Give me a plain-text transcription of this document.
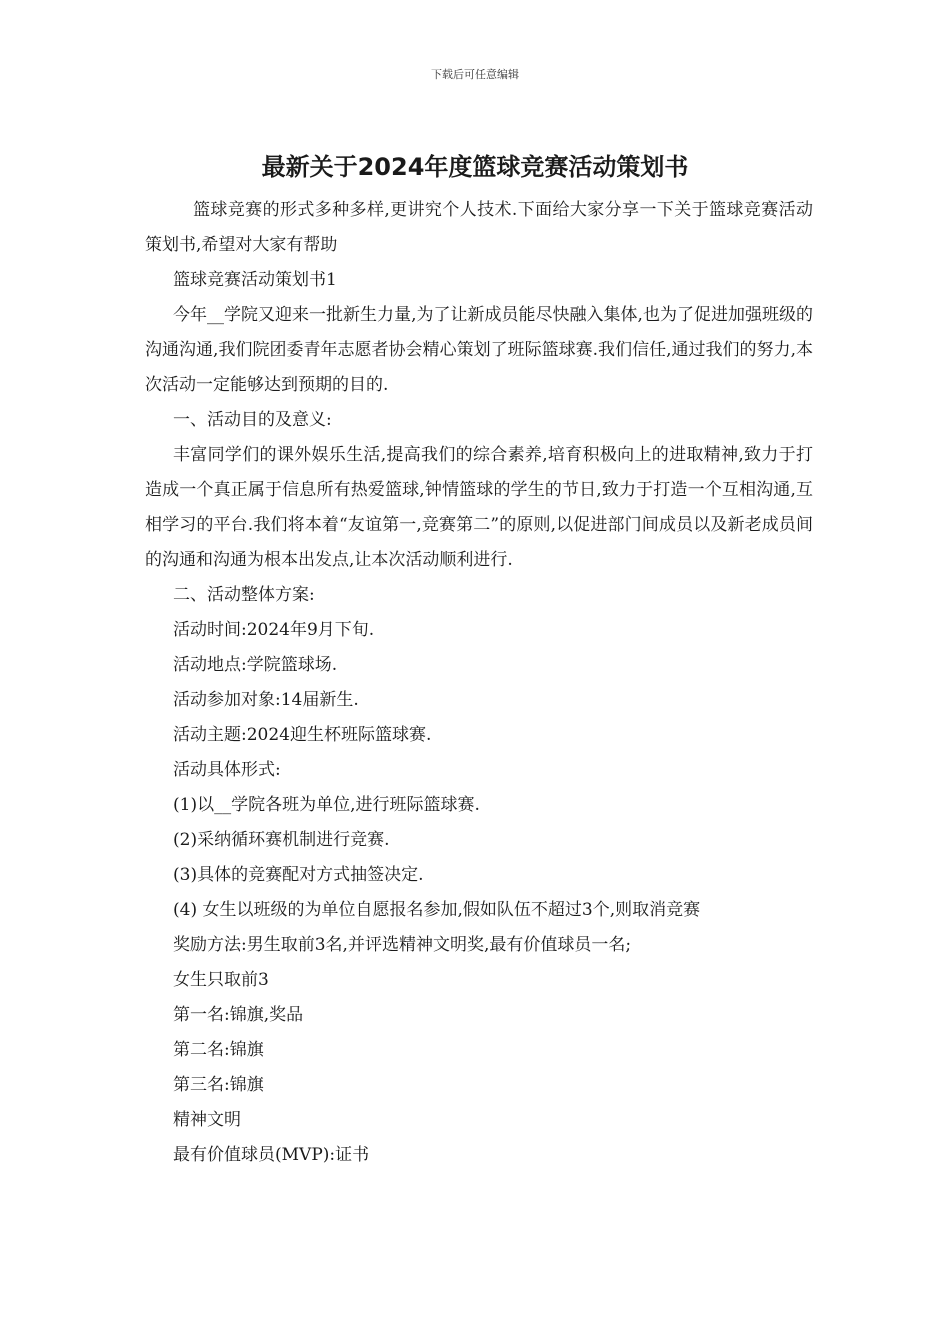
下载后可任意编辑
最新关于2024年度篮球竞赛活动策划书

篮球竞赛的形式多种多样,更讲究个人技术.下面给大家分享一下关于篮球竞赛活动策划书,希望对大家有帮助

篮球竞赛活动策划书1

今年__学院又迎来一批新生力量,为了让新成员能尽快融入集体,也为了促进加强班级的沟通沟通,我们院团委青年志愿者协会精心策划了班际篮球赛.我们信任,通过我们的努力,本次活动一定能够达到预期的目的.

一、活动目的及意义:

丰富同学们的课外娱乐生活,提高我们的综合素养,培育积极向上的进取精神,致力于打造成一个真正属于信息所有热爱篮球,钟情篮球的学生的节日,致力于打造一个互相沟通,互相学习的平台.我们将本着“友谊第一,竞赛第二”的原则,以促进部门间成员以及新老成员间的沟通和沟通为根本出发点,让本次活动顺利进行.

二、活动整体方案:

活动时间:2024年9月下旬.

活动地点:学院篮球场.

活动参加对象:14届新生.

活动主题:2024迎生杯班际篮球赛.

活动具体形式:

(1)以__学院各班为单位,进行班际篮球赛.

(2)采纳循环赛机制进行竞赛.

(3)具体的竞赛配对方式抽签决定.

(4) 女生以班级的为单位自愿报名参加,假如队伍不超过3个,则取消竞赛

奖励方法:男生取前3名,并评选精神文明奖,最有价值球员一名;

女生只取前3

第一名:锦旗,奖品

第二名:锦旗

第三名:锦旗

精神文明

最有价值球员(MVP):证书
